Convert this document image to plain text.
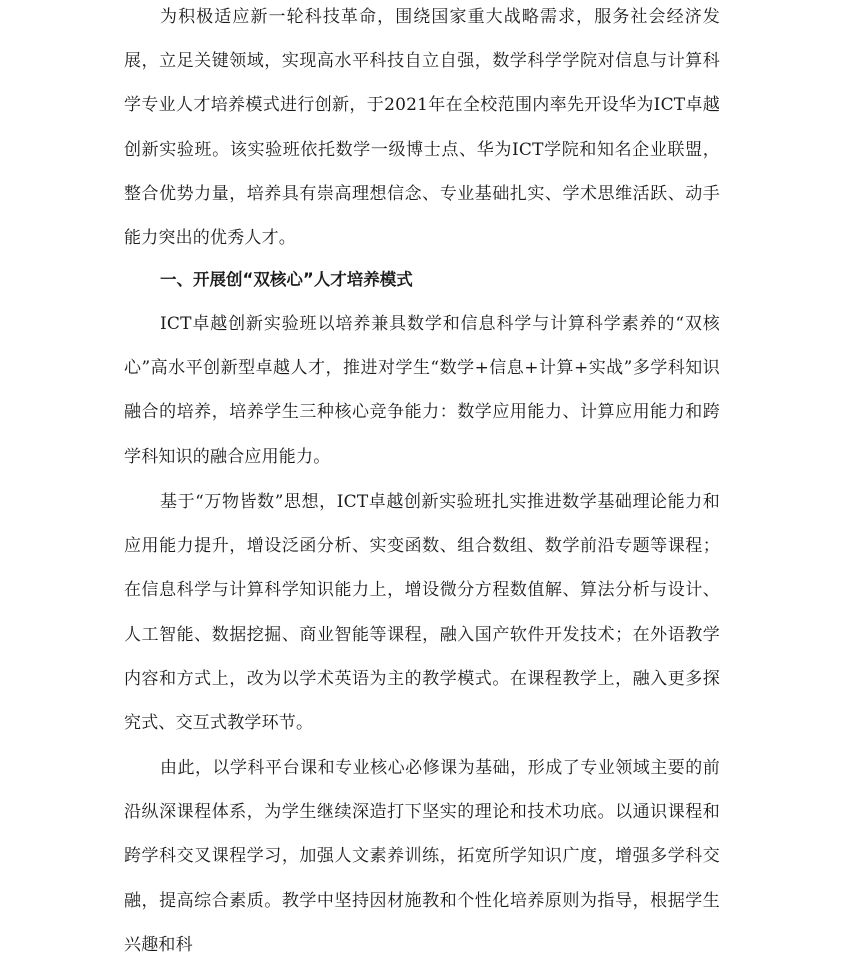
为积极适应新一轮科技革命，围绕国家重大战略需求，服务社会经济发展，立足关键领域，实现高水平科技自立自强，数学科学学院对信息与计算科学专业人才培养模式进行创新，于2021年在全校范围内率先开设华为ICT卓越创新实验班。该实验班依托数学一级博士点、华为ICT学院和知名企业联盟，整合优势力量，培养具有崇高理想信念、专业基础扎实、学术思维活跃、动手能力突出的优秀人才。

一、开展创“双核心”人才培养模式

ICT卓越创新实验班以培养兼具数学和信息科学与计算科学素养的“双核心”高水平创新型卓越人才，推进对学生“数学+信息+计算+实战”多学科知识融合的培养，培养学生三种核心竞争能力：数学应用能力、计算应用能力和跨学科知识的融合应用能力。

基于“万物皆数”思想，ICT卓越创新实验班扎实推进数学基础理论能力和应用能力提升，增设泛函分析、实变函数、组合数组、数学前沿专题等课程；在信息科学与计算科学知识能力上，增设微分方程数值解、算法分析与设计、人工智能、数据挖掘、商业智能等课程，融入国产软件开发技术；在外语教学内容和方式上，改为以学术英语为主的教学模式。在课程教学上，融入更多探究式、交互式教学环节。

由此，以学科平台课和专业核心必修课为基础，形成了专业领域主要的前沿纵深课程体系，为学生继续深造打下坚实的理论和技术功底。以通识课程和跨学科交叉课程学习，加强人文素养训练，拓宽所学知识广度，增强多学科交融，提高综合素质。教学中坚持因材施教和个性化培养原则为指导，根据学生兴趣和科
